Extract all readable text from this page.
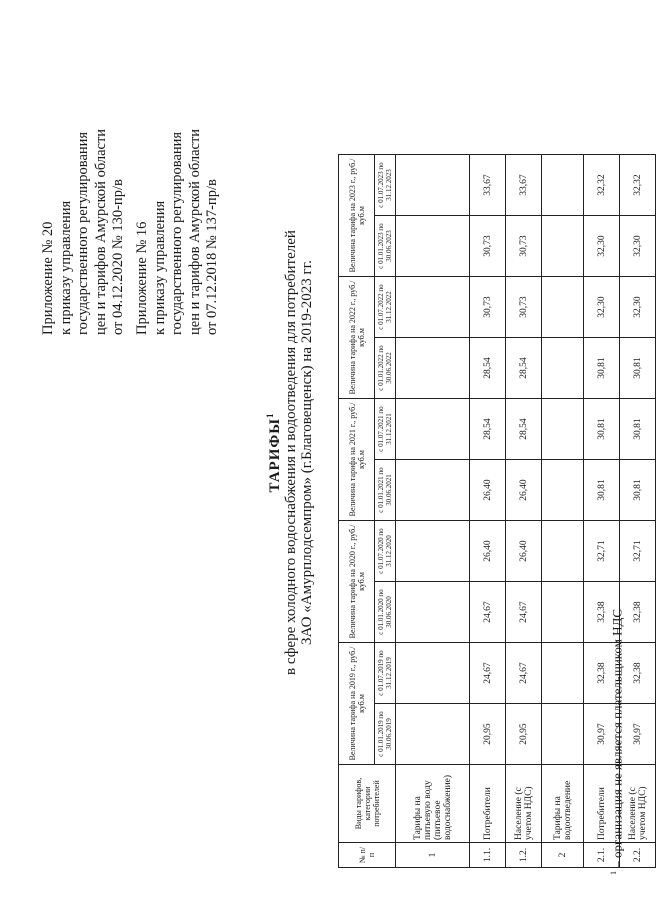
Приложение № 20 к приказу управления государственного регулирования цен и тарифов Амурской области от 04.12.2020 № 130-пр/в Приложение № 16 к приказу управления государственного регулирования цен и тарифов Амурской области от 07.12.2018 № 137-пр/в
ТАРИФЫ$^1$ в сфере холодного водоснабжения и водоотведения для потребителей ЗАО «Амурплодсемпром» (г.Благовещенск) на 2019-2023 гг.
№ п/п	Виды тарифов, категории потребителей	Величина тарифа на 2019 г., руб./куб.м		Величина тарифа на 2020 г., руб./куб.м		Величина тарифа на 2021 г., руб./куб.м		Величина тарифа на 2022 г., руб./куб.м		Величина тарифа на 2023 г., руб./куб.м	
		с 01.01.2019 по 30.06.2019	с 01.07.2019 по 31.12.2019	с 01.01.2020 по 30.06.2020	с 01.07.2020 по 31.12.2020	с 01.01.2021 по 30.06.2021	с 01.07.2021 по 31.12.2021	с 01.01.2022 по 30.06.2022	с 01.07.2022 по 31.12.2022	с 01.01.2023 по 30.06.2023	с 01.07.2023 по 31.12.2023
1	Тарифы на питьевую воду (питьевое водоснабжение)										
1.1.	Потребители	20,95	24,67	24,67	26,40	26,40	28,54	28,54	30,73	30,73	33,67
1.2.	Население (с учетом НДС)	20,95	24,67	24,67	26,40	26,40	28,54	28,54	30,73	30,73	33,67
2	Тарифы на водоотведение										
2.1.	Потребители	30,97	32,38	32,38	32,71	30,81	30,81	30,81	32,30	32,30	32,32
2.2.	Население (с учетом НДС)	30,97	32,38	32,38	32,71	30,81	30,81	30,81	32,30	32,30	32,32
$^1$ – организация не является плательщиком НДС
